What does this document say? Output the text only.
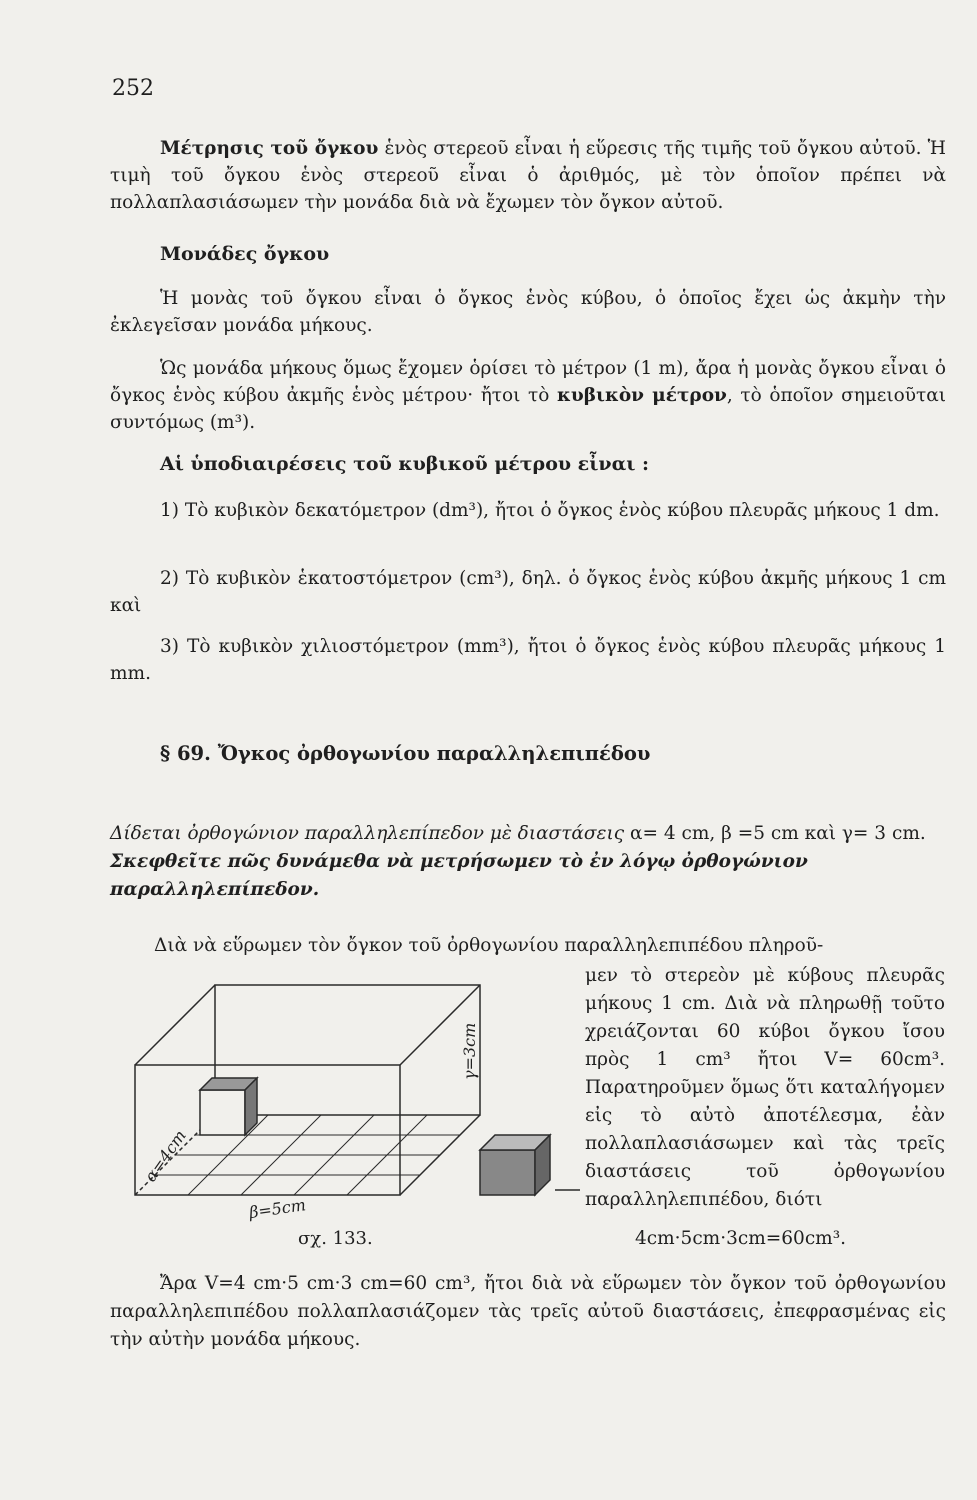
252
Μέτρησις τοῦ ὄγκου ἑνὸς στερεοῦ εἶναι ἡ εὕρεσις τῆς τιμῆς τοῦ ὄγκου αὐτοῦ. Ἡ τιμὴ τοῦ ὄγκου ἑνὸς στερεοῦ εἶναι ὁ ἀριθμός, μὲ τὸν ὁποῖον πρέπει νὰ πολλαπλασιάσωμεν τὴν μονάδα διὰ νὰ ἔχωμεν τὸν ὄγκον αὐτοῦ.
Μονάδες ὄγκου
Ἡ μονὰς τοῦ ὄγκου εἶναι ὁ ὄγκος ἑνὸς κύβου, ὁ ὁποῖος ἔχει ὡς ἀκμὴν τὴν ἐκλεγεῖσαν μονάδα μήκους.
Ὡς μονάδα μήκους ὅμως ἔχομεν ὁρίσει τὸ μέτρον (1 m), ἄρα ἡ μονὰς ὄγκου εἶναι ὁ ὄγκος ἑνὸς κύβου ἀκμῆς ἑνὸς μέτρου· ἤτοι τὸ κυβικὸν μέτρον, τὸ ὁποῖον σημειοῦται συντόμως (m³).
Αἱ ὑποδιαιρέσεις τοῦ κυβικοῦ μέτρου εἶναι :
1) Τὸ κυβικὸν δεκατόμετρον (dm³), ἤτοι ὁ ὄγκος ἑνὸς κύβου πλευρᾶς μήκους 1 dm.
2) Τὸ κυβικὸν ἑκατοστόμετρον (cm³), δηλ. ὁ ὄγκος ἑνὸς κύβου ἀκμῆς μήκους 1 cm καὶ
3) Τὸ κυβικὸν χιλιοστόμετρον (mm³), ἤτοι ὁ ὄγκος ἑνὸς κύβου πλευρᾶς μήκους 1 mm.
§ 69. Ὄγκος ὀρθογωνίου παραλληλεπιπέδου
Δίδεται ὀρθογώνιον παραλληλεπίπεδον μὲ διαστάσεις α= 4 cm, β =5 cm καὶ γ= 3 cm. Σκεφθεῖτε πῶς δυνάμεθα νὰ μετρήσωμεν τὸ ἐν λόγῳ ὀρθογώνιον παραλληλεπίπεδον.
Διὰ νὰ εὕρωμεν τὸν ὄγκον τοῦ ὀρθογωνίου παραλληλεπιπέδου πληροῦ-
μεν τὸ στερεὸν μὲ κύβους πλευρᾶς μήκους 1 cm. Διὰ νὰ πληρωθῇ τοῦτο χρειάζονται 60 κύβοι ὄγκου ἴσου πρὸς 1 cm³ ἤτοι V= 60cm³. Παρατηροῦμεν ὅμως ὅτι καταλήγομεν εἰς τὸ αὐτὸ ἀποτέλεσμα, ἐὰν πολλαπλασιάσωμεν καὶ τὰς τρεῖς διαστάσεις τοῦ ὀρθογωνίου παραλληλεπιπέδου, διότι
α=4cm
β=5cm
γ=3cm
σχ. 133.	4cm·5cm·3cm=60cm³.
Ἄρα V=4 cm·5 cm·3 cm=60 cm³, ἤτοι διὰ νὰ εὕρωμεν τὸν ὄγκον τοῦ ὀρθογωνίου παραλληλεπιπέδου πολλαπλασιάζομεν τὰς τρεῖς αὐτοῦ διαστάσεις, ἐπεφρασμένας εἰς τὴν αὐτὴν μονάδα μήκους.
